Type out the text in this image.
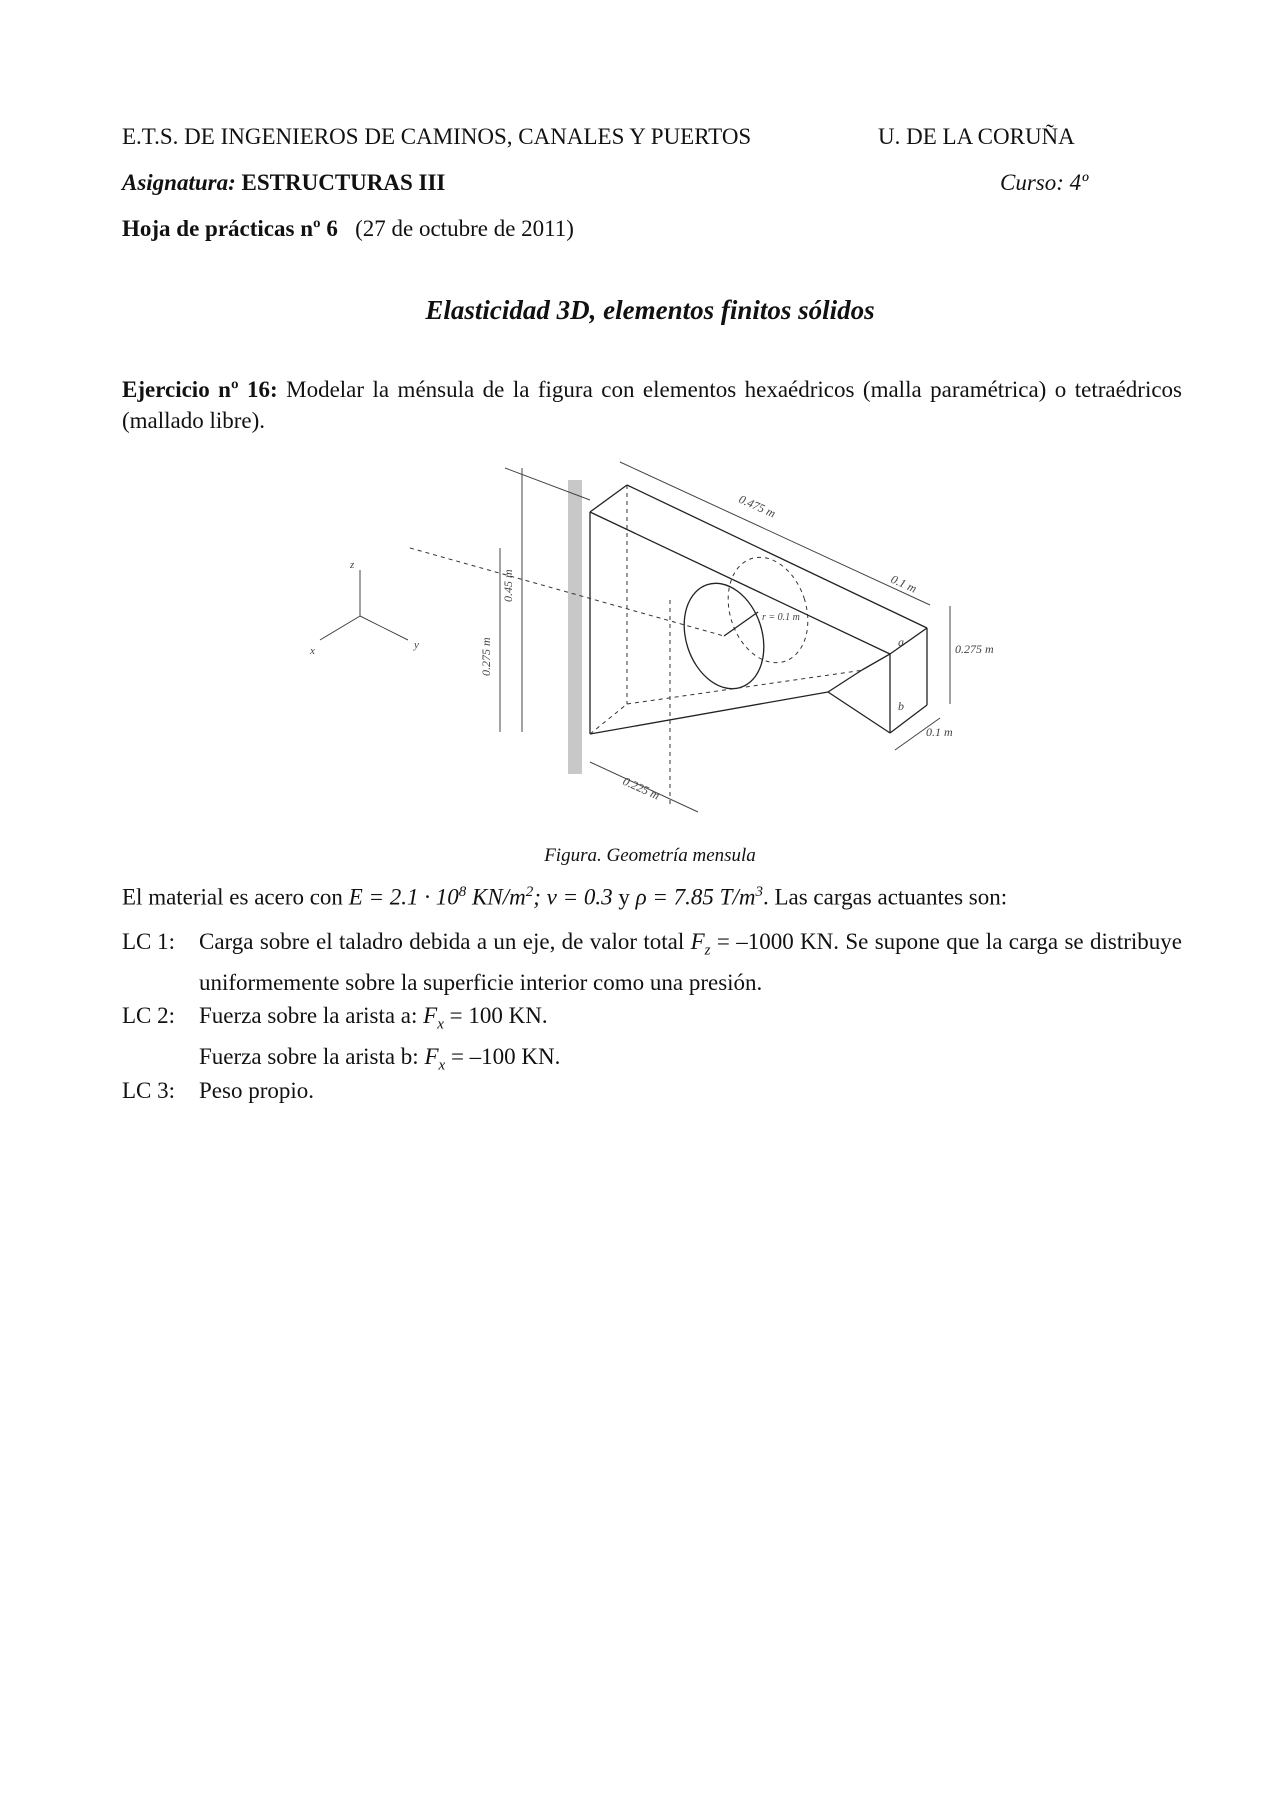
E.T.S. DE INGENIEROS DE CAMINOS, CANALES Y PUERTOS	U. DE LA CORUÑA
Asignatura: ESTRUCTURAS III	Curso: 4º
Hoja de prácticas nº 6 (27 de octubre de 2011)
Elasticidad 3D, elementos finitos sólidos
Ejercicio nº 16: Modelar la ménsula de la figura con elementos hexaédricos (malla paramétrica) o tetraédricos (mallado libre).
z
y
x
0.475 m
0.1 m
0.275 m
0.1 m
0.225 m
0.45 m
0.275 m
r = 0.1 m
a
b
Figura. Geometría mensula
El material es acero con $E = 2.1 \cdot 10^8$ $KN/m^2$; ν = 0.3 y ρ = 7.85 $T/m^3$. Las cargas actuantes son:
LC 1: Carga sobre el taladro debida a un eje, de valor total $F_z = -1000$ KN. Se supone que la carga se distribuye uniformemente sobre la superficie interior como una presión.
LC 2: Fuerza sobre la arista a: $F_x = 100$ KN.
Fuerza sobre la arista b: $F_x = -100$ KN.
LC 3: Peso propio.
